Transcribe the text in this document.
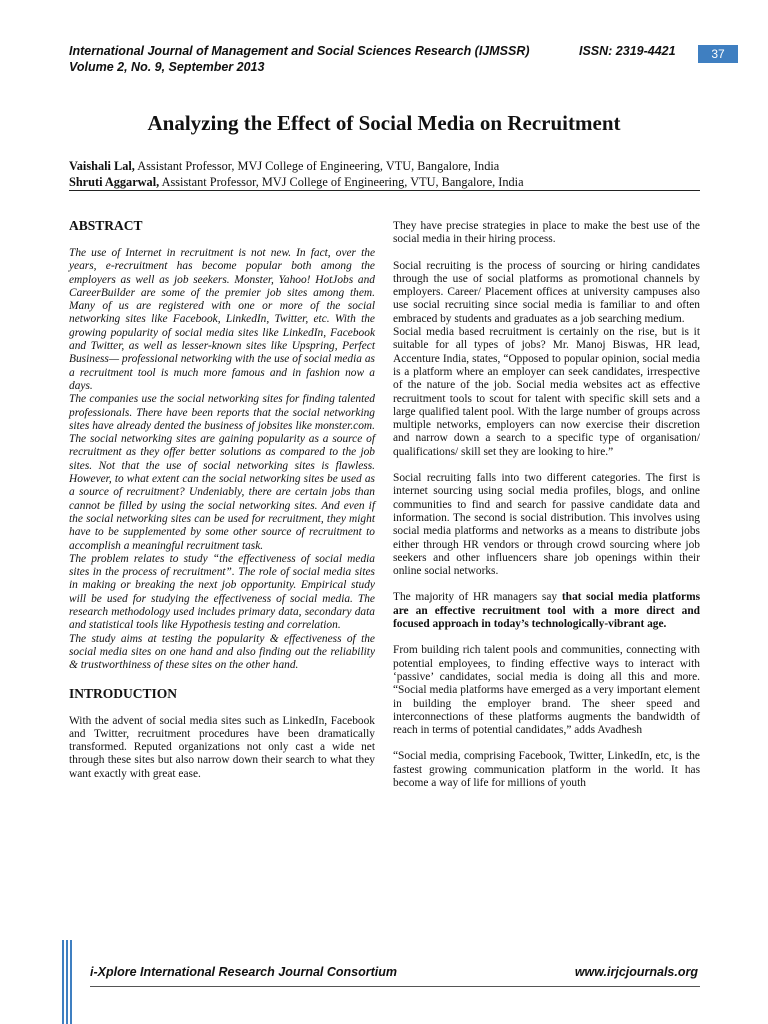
International Journal of Management and Social Sciences Research (IJMSSR)	ISSN: 2319-4421
Volume 2, No. 9, September 2013
37
Analyzing the Effect of Social Media on Recruitment
Vaishali Lal, Assistant Professor, MVJ College of Engineering, VTU, Bangalore, India
Shruti Aggarwal, Assistant Professor, MVJ College of Engineering, VTU, Bangalore, India
ABSTRACT

The use of Internet in recruitment is not new. In fact, over the years, e-recruitment has become popular both among the employers as well as job seekers. Monster, Yahoo! HotJobs and CareerBuilder are some of the premier job sites among them. Many of us are registered with one or more of the social networking sites like Facebook, LinkedIn, Twitter, etc. With the growing popularity of social media sites like LinkedIn, Facebook and Twitter, as well as lesser-known sites like Upspring, Perfect Business— professional networking with the use of social media as a recruitment tool is much more famous and in fashion now a days.

The companies use the social networking sites for finding talented professionals. There have been reports that the social networking sites have already dented the business of jobsites like monster.com. The social networking sites are gaining popularity as a source of recruitment as they offer better solutions as compared to the job sites. Not that the use of social networking sites is flawless. However, to what extent can the social networking sites be used as a source of recruitment? Undeniably, there are certain jobs than cannot be filled by using the social networking sites. And even if the social networking sites can be used for recruitment, they might have to be supplemented by some other source of recruitment to accomplish a meaningful recruitment task.

The problem relates to study “the effectiveness of social media sites in the process of recruitment”. The role of social media sites in making or breaking the next job opportunity. Empirical study will be used for studying the effectiveness of social media. The research methodology used includes primary data, secondary data and statistical tools like Hypothesis testing and correlation.

The study aims at testing the popularity & effectiveness of the social media sites on one hand and also finding out the reliability & trustworthiness of these sites on the other hand.

INTRODUCTION

With the advent of social media sites such as LinkedIn, Facebook and Twitter, recruitment procedures have been dramatically transformed. Reputed organizations not only cast a wide net through these sites but also narrow down their search to what they want exactly with great ease.

They have precise strategies in place to make the best use of the social media in their hiring process.

Social recruiting is the process of sourcing or hiring candidates through the use of social platforms as promotional channels by employers. Career/ Placement offices at university campuses also use social recruiting since social media is familiar to and often embraced by students and graduates as a job searching medium.

Social media based recruitment is certainly on the rise, but is it suitable for all types of jobs? Mr. Manoj Biswas, HR lead, Accenture India, states, “Opposed to popular opinion, social media is a platform where an employer can seek candidates, irrespective of the nature of the job. Social media websites act as effective recruitment tools to scout for talent with specific skill sets and a large qualified talent pool. With the large number of groups across multiple networks, employers can now exercise their discretion and narrow down a search to a specific type of organisation/ qualifications/ skill set they are looking to hire.”

Social recruiting falls into two different categories. The first is internet sourcing using social media profiles, blogs, and online communities to find and search for passive candidate data and information. The second is social distribution. This involves using social media platforms and networks as a means to distribute jobs either through HR vendors or through crowd sourcing where job seekers and other influencers share job openings within their online social networks.

The majority of HR managers say that social media platforms are an effective recruitment tool with a more direct and focused approach in today’s technologically-vibrant age.

From building rich talent pools and communities, connecting with potential employees, to finding effective ways to interact with ‘passive’ candidates, social media is doing all this and more. “Social media platforms have emerged as a very important element in building the employer brand. The sheer speed and interconnections of these platforms augments the bandwidth of reach in terms of potential candidates,” adds Avadhesh

“Social media, comprising Facebook, Twitter, LinkedIn, etc, is the fastest growing communication platform in the world. It has become a way of life for millions of youth

i-Xplore International Research Journal Consortium	www.irjcjournals.org
